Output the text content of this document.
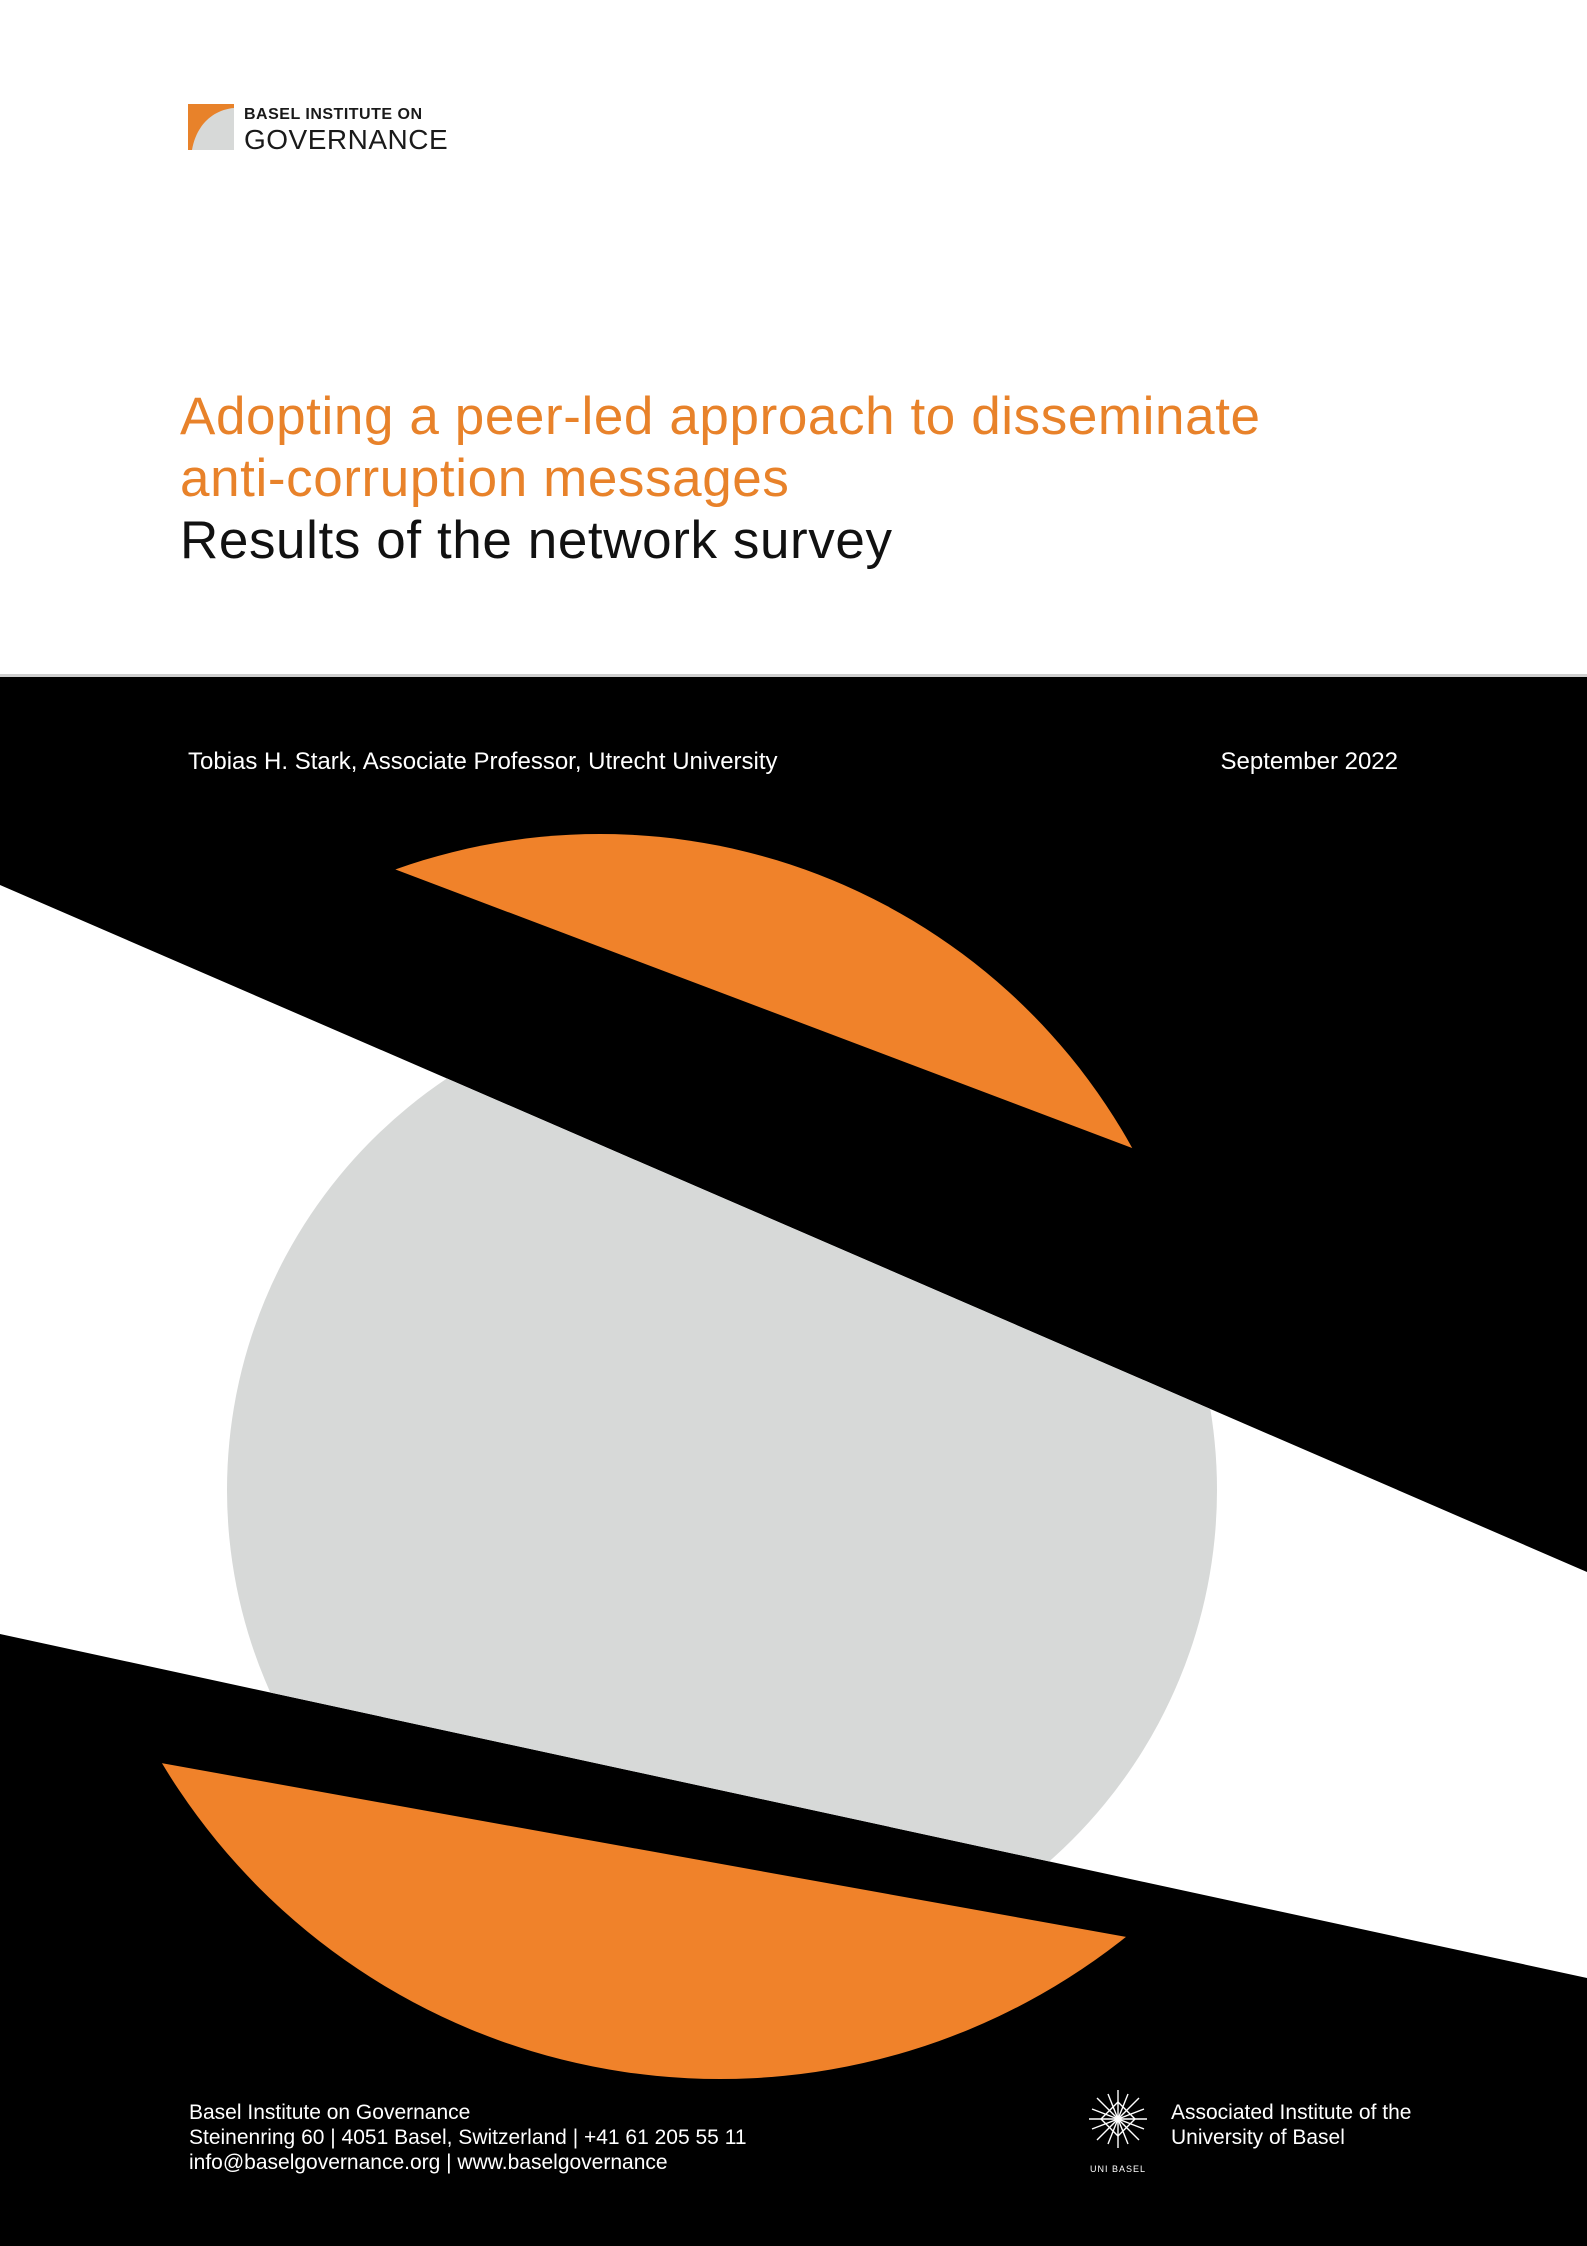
BASEL INSTITUTE ON
GOVERNANCE
Adopting a peer-led approach to disseminate
anti-corruption messages
Results of the network survey
Tobias H. Stark, Associate Professor, Utrecht University	September 2022
Basel Institute on Governance
Steinenring 60 | 4051 Basel, Switzerland | +41 61 205 55 11
info@baselgovernance.org | www.baselgovernance	UNI BASEL
Associated Institute of the
University of Basel
